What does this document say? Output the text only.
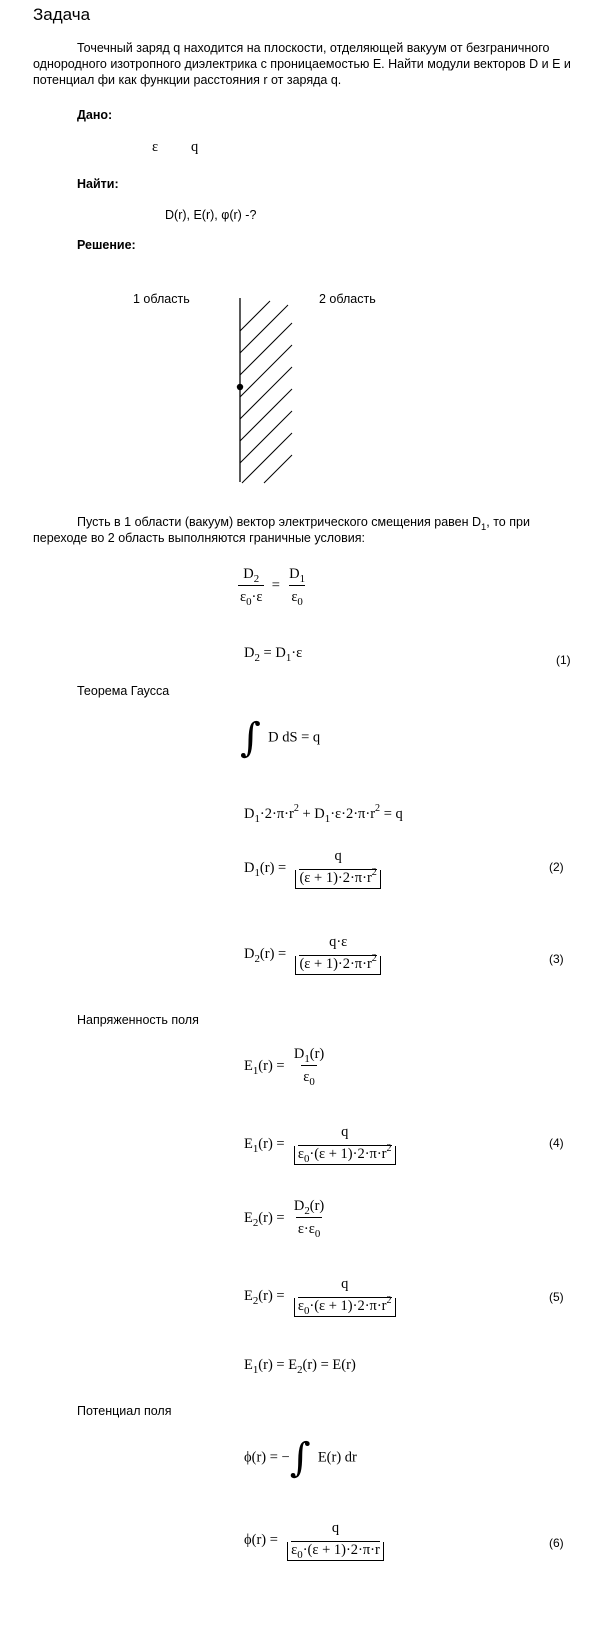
Задача
Точечный заряд q находится на плоскости, отделяющей вакуум от безграничного однородного изотропного диэлектрика с проницаемостью E. Найти модули векторов D и E и потенциал фи как функции расстояния r от заряда q.
Дано:
ε q
Найти:
D(r), E(r), φ(r) -?
Решение:
1 область	2 область
Пусть в 1 области (вакуум) вектор электрического смещения равен $D_1$, то при переходе во 2 область выполняются граничные условия:
$\frac{D_2}{\varepsilon_0\cdot\varepsilon} = \frac{D_1}{\varepsilon_0}$
$D_2 = D_1\cdot\varepsilon$	(1)
Теорема Гаусса
∫  D dS = q
$D_1\cdot 2\cdot\pi\cdot r^2 + D_1\cdot\varepsilon\cdot 2\cdot\pi\cdot r^2 = q$
$D_1(r)$ =
q
$(\varepsilon + 1)\cdot 2\cdot\pi\cdot r^2$	(2)
$D_2(r)$ =
q·ε
$(\varepsilon + 1)\cdot 2\cdot\pi\cdot r^2$	(3)
Напряженность поля
$E_1(r) = \frac{D_1(r)}{\varepsilon_0}$
$E_1(r)$ =
q
$\varepsilon_0\cdot(\varepsilon + 1)\cdot 2\cdot\pi\cdot r^2$	(4)
$E_2(r) = \frac{D_2(r)}{\varepsilon\cdot\varepsilon_0}$
$E_2(r)$ =
q
$\varepsilon_0\cdot(\varepsilon + 1)\cdot 2\cdot\pi\cdot r^2$	(5)
$E_1(r) = E_2(r) = E(r)$
Потенциал поля
ϕ(r) = −∫  E(r) dr
ϕ(r) =
q
$\varepsilon_0\cdot(\varepsilon + 1)\cdot 2\cdot\pi\cdot r$	(6)
